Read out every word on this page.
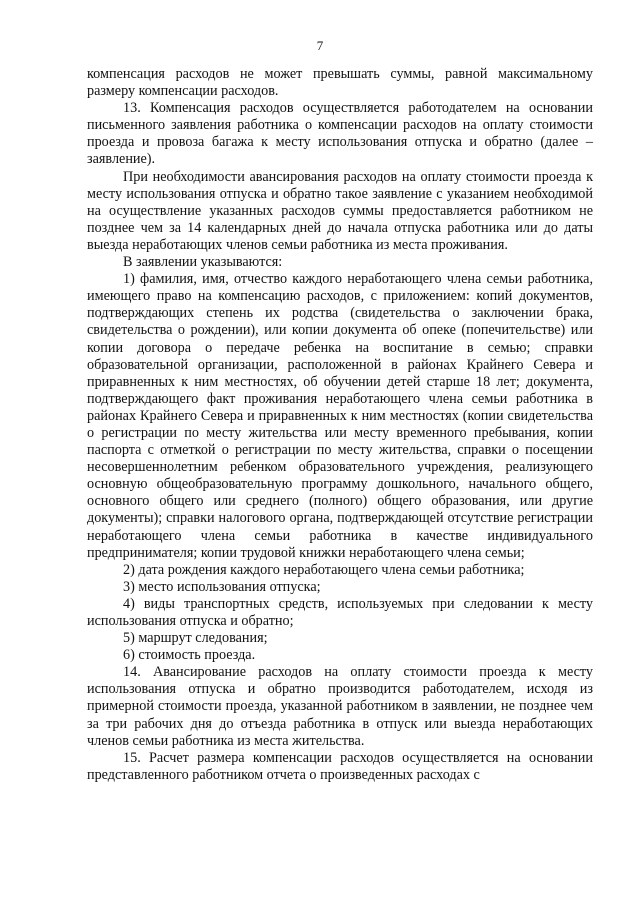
7

компенсация расходов не может превышать суммы, равной максимальному размеру компенсации расходов.

13. Компенсация расходов осуществляется работодателем на основании письменного заявления работника о компенсации расходов на оплату стоимости проезда и провоза багажа к месту использования отпуска и обратно (далее – заявление).

При необходимости авансирования расходов на оплату стоимости проезда к месту использования отпуска и обратно такое заявление с указанием необходимой на осуществление указанных расходов суммы предоставляется работником не позднее чем за 14 календарных дней до начала отпуска работника или до даты выезда неработающих членов семьи работника из места проживания.

В заявлении указываются:

1) фамилия, имя, отчество каждого неработающего члена семьи работника, имеющего право на компенсацию расходов, с приложением: копий документов, подтверждающих степень их родства (свидетельства о заключении брака, свидетельства о рождении), или копии документа об опеке (попечительстве) или копии договора о передаче ребенка на воспитание в семью; справки образовательной организации, расположенной в районах Крайнего Севера и приравненных к ним местностях, об обучении детей старше 18 лет; документа, подтверждающего факт проживания неработающего члена семьи работника в районах Крайнего Севера и приравненных к ним местностях (копии свидетельства о регистрации по месту жительства или месту временного пребывания, копии паспорта с отметкой о регистрации по месту жительства, справки о посещении несовершеннолетним ребенком образовательного учреждения, реализующего основную общеобразовательную программу дошкольного, начального общего, основного общего или среднего (полного) общего образования, или другие документы); справки налогового органа, подтверждающей отсутствие регистрации неработающего члена семьи работника в качестве индивидуального предпринимателя; копии трудовой книжки неработающего члена семьи;

2) дата рождения каждого неработающего члена семьи работника;

3) место использования отпуска;

4) виды транспортных средств, используемых при следовании к месту использования отпуска и обратно;

5) маршрут следования;

6) стоимость проезда.

14. Авансирование расходов на оплату стоимости проезда к месту использования отпуска и обратно производится работодателем, исходя из примерной стоимости проезда, указанной работником в заявлении, не позднее чем за три рабочих дня до отъезда работника в отпуск или выезда неработающих членов семьи работника из места жительства.

15. Расчет размера компенсации расходов осуществляется на основании представленного работником отчета о произведенных расходах с
